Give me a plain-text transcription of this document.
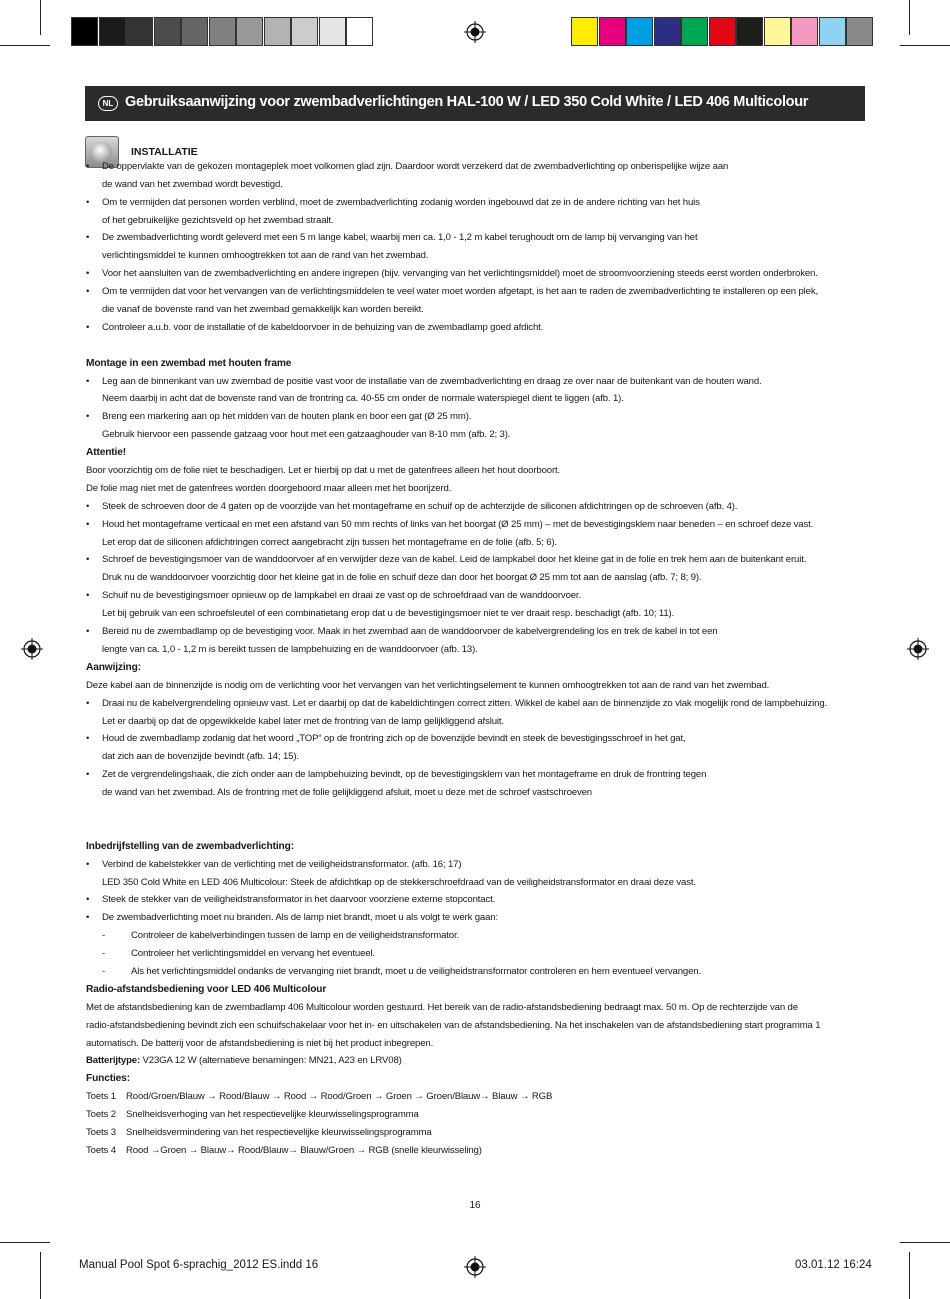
NL Gebruiksaanwijzing voor zwembadverlichtingen HAL-100 W / LED 350 Cold White / LED 406 Multicolour
INSTALLATIE
• De oppervlakte van de gekozen montageplek moet volkomen glad zijn. Daardoor wordt verzekerd dat de zwembadverlichting op onberispelijke wijze aan
de wand van het zwembad wordt bevestigd.
• Om te vermijden dat personen worden verblind, moet de zwembadverlichting zodanig worden ingebouwd dat ze in de andere richting van het huis
of het gebruikelijke gezichtsveld op het zwembad straalt.
• De zwembadverlichting wordt geleverd met een 5 m lange kabel, waarbij men ca. 1,0 - 1,2 m kabel terughoudt om de lamp bij vervanging van het
verlichtingsmiddel te kunnen omhoogtrekken tot aan de rand van het zwembad.
• Voor het aansluiten van de zwembadverlichting en andere ingrepen (bijv. vervanging van het verlichtingsmiddel) moet de stroomvoorziening steeds eerst worden onderbroken.
• Om te vermijden dat voor het vervangen van de verlichtingsmiddelen te veel water moet worden afgetapt, is het aan te raden de zwembadverlichting te installeren op een plek,
die vanaf de bovenste rand van het zwembad gemakkelijk kan worden bereikt.
• Controleer a.u.b. voor de installatie of de kabeldoorvoer in de behuizing van de zwembadlamp goed afdicht.
Montage in een zwembad met houten frame
• Leg aan de binnenkant van uw zwembad de positie vast voor de installatie van de zwembadverlichting en draag ze over naar de buitenkant van de houten wand.
Neem daarbij in acht dat de bovenste rand van de frontring ca. 40-55 cm onder de normale waterspiegel dient te liggen (afb. 1).
• Breng een markering aan op het midden van de houten plank en boor een gat (Ø 25 mm).
Gebruik hiervoor een passende gatzaag voor hout met een gatzaaghouder van 8-10 mm (afb. 2; 3).
Attentie!
Boor voorzichtig om de folie niet te beschadigen. Let er hierbij op dat u met de gatenfrees alleen het hout doorboort.
De folie mag niet met de gatenfrees worden doorgeboord maar alleen met het boorijzerd.
• Steek de schroeven door de 4 gaten op de voorzijde van het montageframe en schuif op de achterzijde de siliconen afdichtringen op de schroeven (afb. 4).
• Houd het montageframe verticaal en met een afstand van 50 mm rechts of links van het boorgat (Ø 25 mm) – met de bevestigingsklem naar beneden – en schroef deze vast.
Let erop dat de siliconen afdichtringen correct aangebracht zijn tussen het montageframe en de folie (afb. 5; 6).
• Schroef de bevestigingsmoer van de wanddoorvoer af en verwijder deze van de kabel. Leid de lampkabel door het kleine gat in de folie en trek hem aan de buitenkant eruit.
Druk nu de wanddoorvoer voorzichtig door het kleine gat in de folie en schuif deze dan door het boorgat Ø 25 mm tot aan de aanslag (afb. 7; 8; 9).
• Schuif nu de bevestigingsmoer opnieuw op de lampkabel en draai ze vast op de schroefdraad van de wanddoorvoer.
Let bij gebruik van een schroefsleutel of een combinatietang erop dat u de bevestigingsmoer niet te ver draait resp. beschadigt (afb. 10; 11).
• Bereid nu de zwembadlamp op de bevestiging voor. Maak in het zwembad aan de wanddoorvoer de kabelvergrendeling los en trek de kabel in tot een
lengte van ca. 1,0 - 1,2 m is bereikt tussen de lampbehuizing en de wanddoorvoer (afb. 13).
Aanwijzing:
Deze kabel aan de binnenzijde is nodig om de verlichting voor het vervangen van het verlichtingselement te kunnen omhoogtrekken tot aan de rand van het zwembad.
• Draai nu de kabelvergrendeling opnieuw vast. Let er daarbij op dat de kabeldichtingen correct zitten. Wikkel de kabel aan de binnenzijde zo vlak mogelijk rond de lampbehuizing.
Let er daarbij op dat de opgewikkelde kabel later met de frontring van de lamp gelijkliggend afsluit.
• Houd de zwembadlamp zodanig dat het woord „TOP“ op de frontring zich op de bovenzijde bevindt en steek de bevestigingsschroef in het gat,
dat zich aan de bovenzijde bevindt (afb. 14; 15).
• Zet de vergrendelingshaak, die zich onder aan de lampbehuizing bevindt, op de bevestigingsklem van het montageframe en druk de frontring tegen
de wand van het zwembad. Als de frontring met de folie gelijkliggend afsluit, moet u deze met de schroef vastschroeven
Inbedrijfstelling van de zwembadverlichting:
• Verbind de kabelstekker van de verlichting met de veiligheidstransformator. (afb. 16; 17)
LED 350 Cold White en LED 406 Multicolour: Steek de afdichtkap op de stekkerschroefdraad van de veiligheidstransformator en draai deze vast.
• Steek de stekker van de veiligheidstransformator in het daarvoor voorziene externe stopcontact.
• De zwembadverlichting moet nu branden. Als de lamp niet brandt, moet u als volgt te werk gaan:
- Controleer de kabelverbindingen tussen de lamp en de veiligheidstransformator.
- Controleer het verlichtingsmiddel en vervang het eventueel.
- Als het verlichtingsmiddel ondanks de vervanging niet brandt, moet u de veiligheidstransformator controleren en hem eventueel vervangen.
Radio-afstandsbediening voor LED 406 Multicolour
Met de afstandsbediening kan de zwembadlamp 406 Multicolour worden gestuurd. Het bereik van de radio-afstandsbediening bedraagt max. 50 m. Op de rechterzijde van de
radio-afstandsbediening bevindt zich een schuifschakelaar voor het in- en uitschakelen van de afstandsbediening. Na het inschakelen van de afstandsbediening start programma 1
automatisch. De batterij voor de afstandsbediening is niet bij het product inbegrepen.
Batterijtype: V23GA 12 W (alternatieve benamingen: MN21, A23 en LRV08)
Functies:
Toets 1 Rood/Groen/Blauw → Rood/Blauw → Rood → Rood/Groen → Groen → Groen/Blauw→ Blauw → RGB
Toets 2 Snelheidsverhoging van het respectievelijke kleurwisselingsprogramma
Toets 3 Snelheidsvermindering van het respectievelijke kleurwisselingsprogramma
Toets 4 Rood →Groen → Blauw→ Rood/Blauw→ Blauw/Groen → RGB (snelle kleurwisseling)
16
Manual Pool Spot 6-sprachig_2012 ES.indd 16	03.01.12 16:24
